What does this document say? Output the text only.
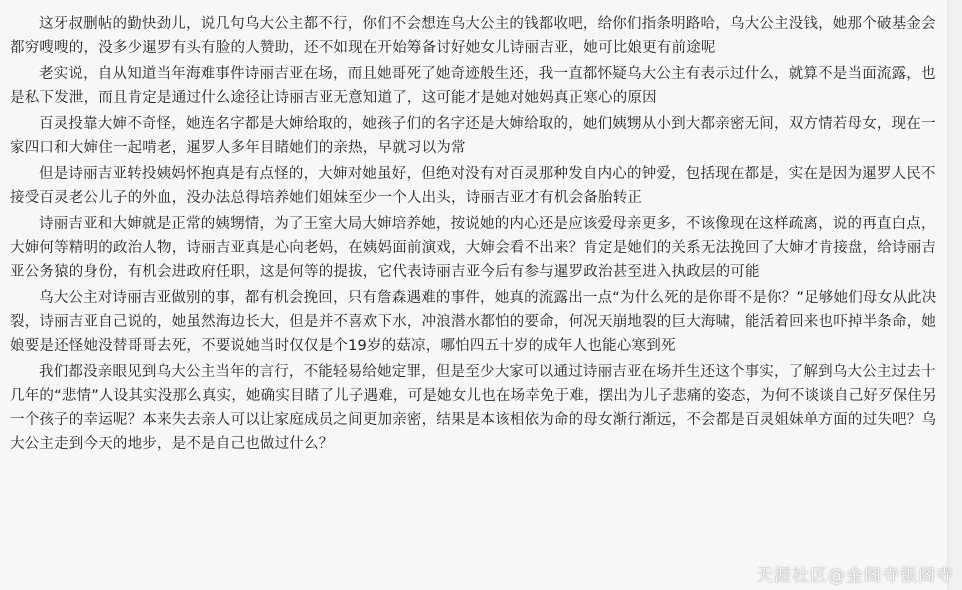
这牙叔删帖的勤快劲儿，说几句乌大公主都不行，你们不会想连乌大公主的钱都收吧，给你们指条明路哈，乌大公主没钱，她那个破基金会都穷嗖嗖的，没多少暹罗有头有脸的人赞助，还不如现在开始筹备讨好她女儿诗丽吉亚，她可比娘更有前途呢

老实说，自从知道当年海难事件诗丽吉亚在场，而且她哥死了她奇迹般生还，我一直都怀疑乌大公主有表示过什么，就算不是当面流露，也是私下发泄，而且肯定是通过什么途径让诗丽吉亚无意知道了，这可能才是她对她妈真正寒心的原因

百灵投靠大婶不奇怪，她连名字都是大婶给取的，她孩子们的名字还是大婶给取的，她们姨甥从小到大都亲密无间，双方情若母女，现在一家四口和大婶住一起啃老，暹罗人多年目睹她们的亲热，早就习以为常

但是诗丽吉亚转投姨妈怀抱真是有点怪的，大婶对她虽好，但绝对没有对百灵那种发自内心的钟爱，包括现在都是，实在是因为暹罗人民不接受百灵老公儿子的外血，没办法总得培养她们姐妹至少一个人出头，诗丽吉亚才有机会备胎转正

诗丽吉亚和大婶就是正常的姨甥情，为了王室大局大婶培养她，按说她的内心还是应该爱母亲更多，不该像现在这样疏离，说的再直白点，大婶何等精明的政治人物，诗丽吉亚真是心向老妈，在姨妈面前演戏，大婶会看不出来？肯定是她们的关系无法挽回了大婶才肯接盘，给诗丽吉亚公务猿的身份，有机会进政府任职，这是何等的提拔，它代表诗丽吉亚今后有参与暹罗政治甚至进入执政层的可能

乌大公主对诗丽吉亚做别的事，都有机会挽回，只有詹森遇难的事件，她真的流露出一点“为什么死的是你哥不是你？”足够她们母女从此决裂，诗丽吉亚自己说的，她虽然海边长大，但是并不喜欢下水，冲浪潜水都怕的要命，何况天崩地裂的巨大海啸，能活着回来也吓掉半条命，她娘要是还怪她没替哥哥去死，不要说她当时仅仅是个19岁的菇凉，哪怕四五十岁的成年人也能心寒到死

我们都没亲眼见到乌大公主当年的言行，不能轻易给她定罪，但是至少大家可以通过诗丽吉亚在场并生还这个事实，了解到乌大公主过去十几年的“悲情”人设其实没那么真实，她确实目睹了儿子遇难，可是她女儿也在场幸免于难，摆出为儿子悲痛的姿态，为何不谈谈自己好歹保住另一个孩子的幸运呢？本来失去亲人可以让家庭成员之间更加亲密，结果是本该相依为命的母女渐行渐远，不会都是百灵姐妹单方面的过失吧？乌大公主走到今天的地步，是不是自己也做过什么？

天涯社区@金阁寺银阁寺
